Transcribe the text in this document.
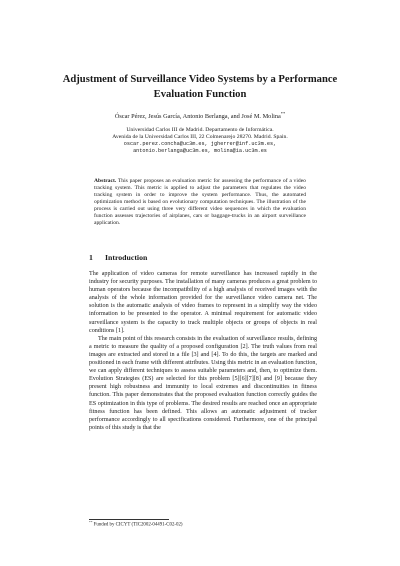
Adjustment of Surveillance Video Systems by a Performance Evaluation Function
Óscar Pérez, Jesús García, Antonio Berlanga, and José M. Molina**
Universidad Carlos III de Madrid. Departamento de Informática.
Avenida de la Universidad Carlos III, 22 Colmenarejo 28270. Madrid. Spain.
oscar.perez.concha@uc3m.es, jgherrer@inf.uc3m.es,
antonio.berlanga@uc3m.es, molina@ia.uc3m.es
Abstract. This paper proposes an evaluation metric for assessing the performance of a video tracking system. This metric is applied to adjust the parameters that regulates the video tracking system in order to improve the system performance. Thus, the automated optimization method is based on evolutionary computation techniques. The illustration of the process is carried out using three very different video sequences in which the evaluation function assesses trajectories of airplanes, cars or baggage-trucks in an airport surveillance application.
1 Introduction

The application of video cameras for remote surveillance has increased rapidly in the industry for security purposes. The installation of many cameras produces a great problem to human operators because the incompatibility of a high analysis of received images with the analysis of the whole information provided for the surveillance video camera net. The solution is the automatic analysis of video frames to represent in a simplify way the video information to be presented to the operator. A minimal requirement for automatic video surveillance system is the capacity to track multiple objects or groups of objects in real conditions [1].

The main point of this research consists in the evaluation of surveillance results, defining a metric to measure the quality of a proposed configuration [2]. The truth values from real images are extracted and stored in a file [3] and [4]. To do this, the targets are marked and positioned in each frame with different attributes. Using this metric in an evaluation function, we can apply different techniques to assess suitable parameters and, then, to optimize them. Evolution Strategies (ES) are selected for this problem [5][6][7][8] and [9] because they present high robustness and immunity to local extremes and discontinuities in fitness function. This paper demonstrates that the proposed evaluation function correctly guides the ES optimization in this type of problems. The desired results are reached once an appropriate fitness function has been defined. This allows an automatic adjustment of tracker performance accordingly to all specifications considered. Furthermore, one of the principal points of this study is that the

** Funded by CICYT (TIC2002-04491-C02-02)
